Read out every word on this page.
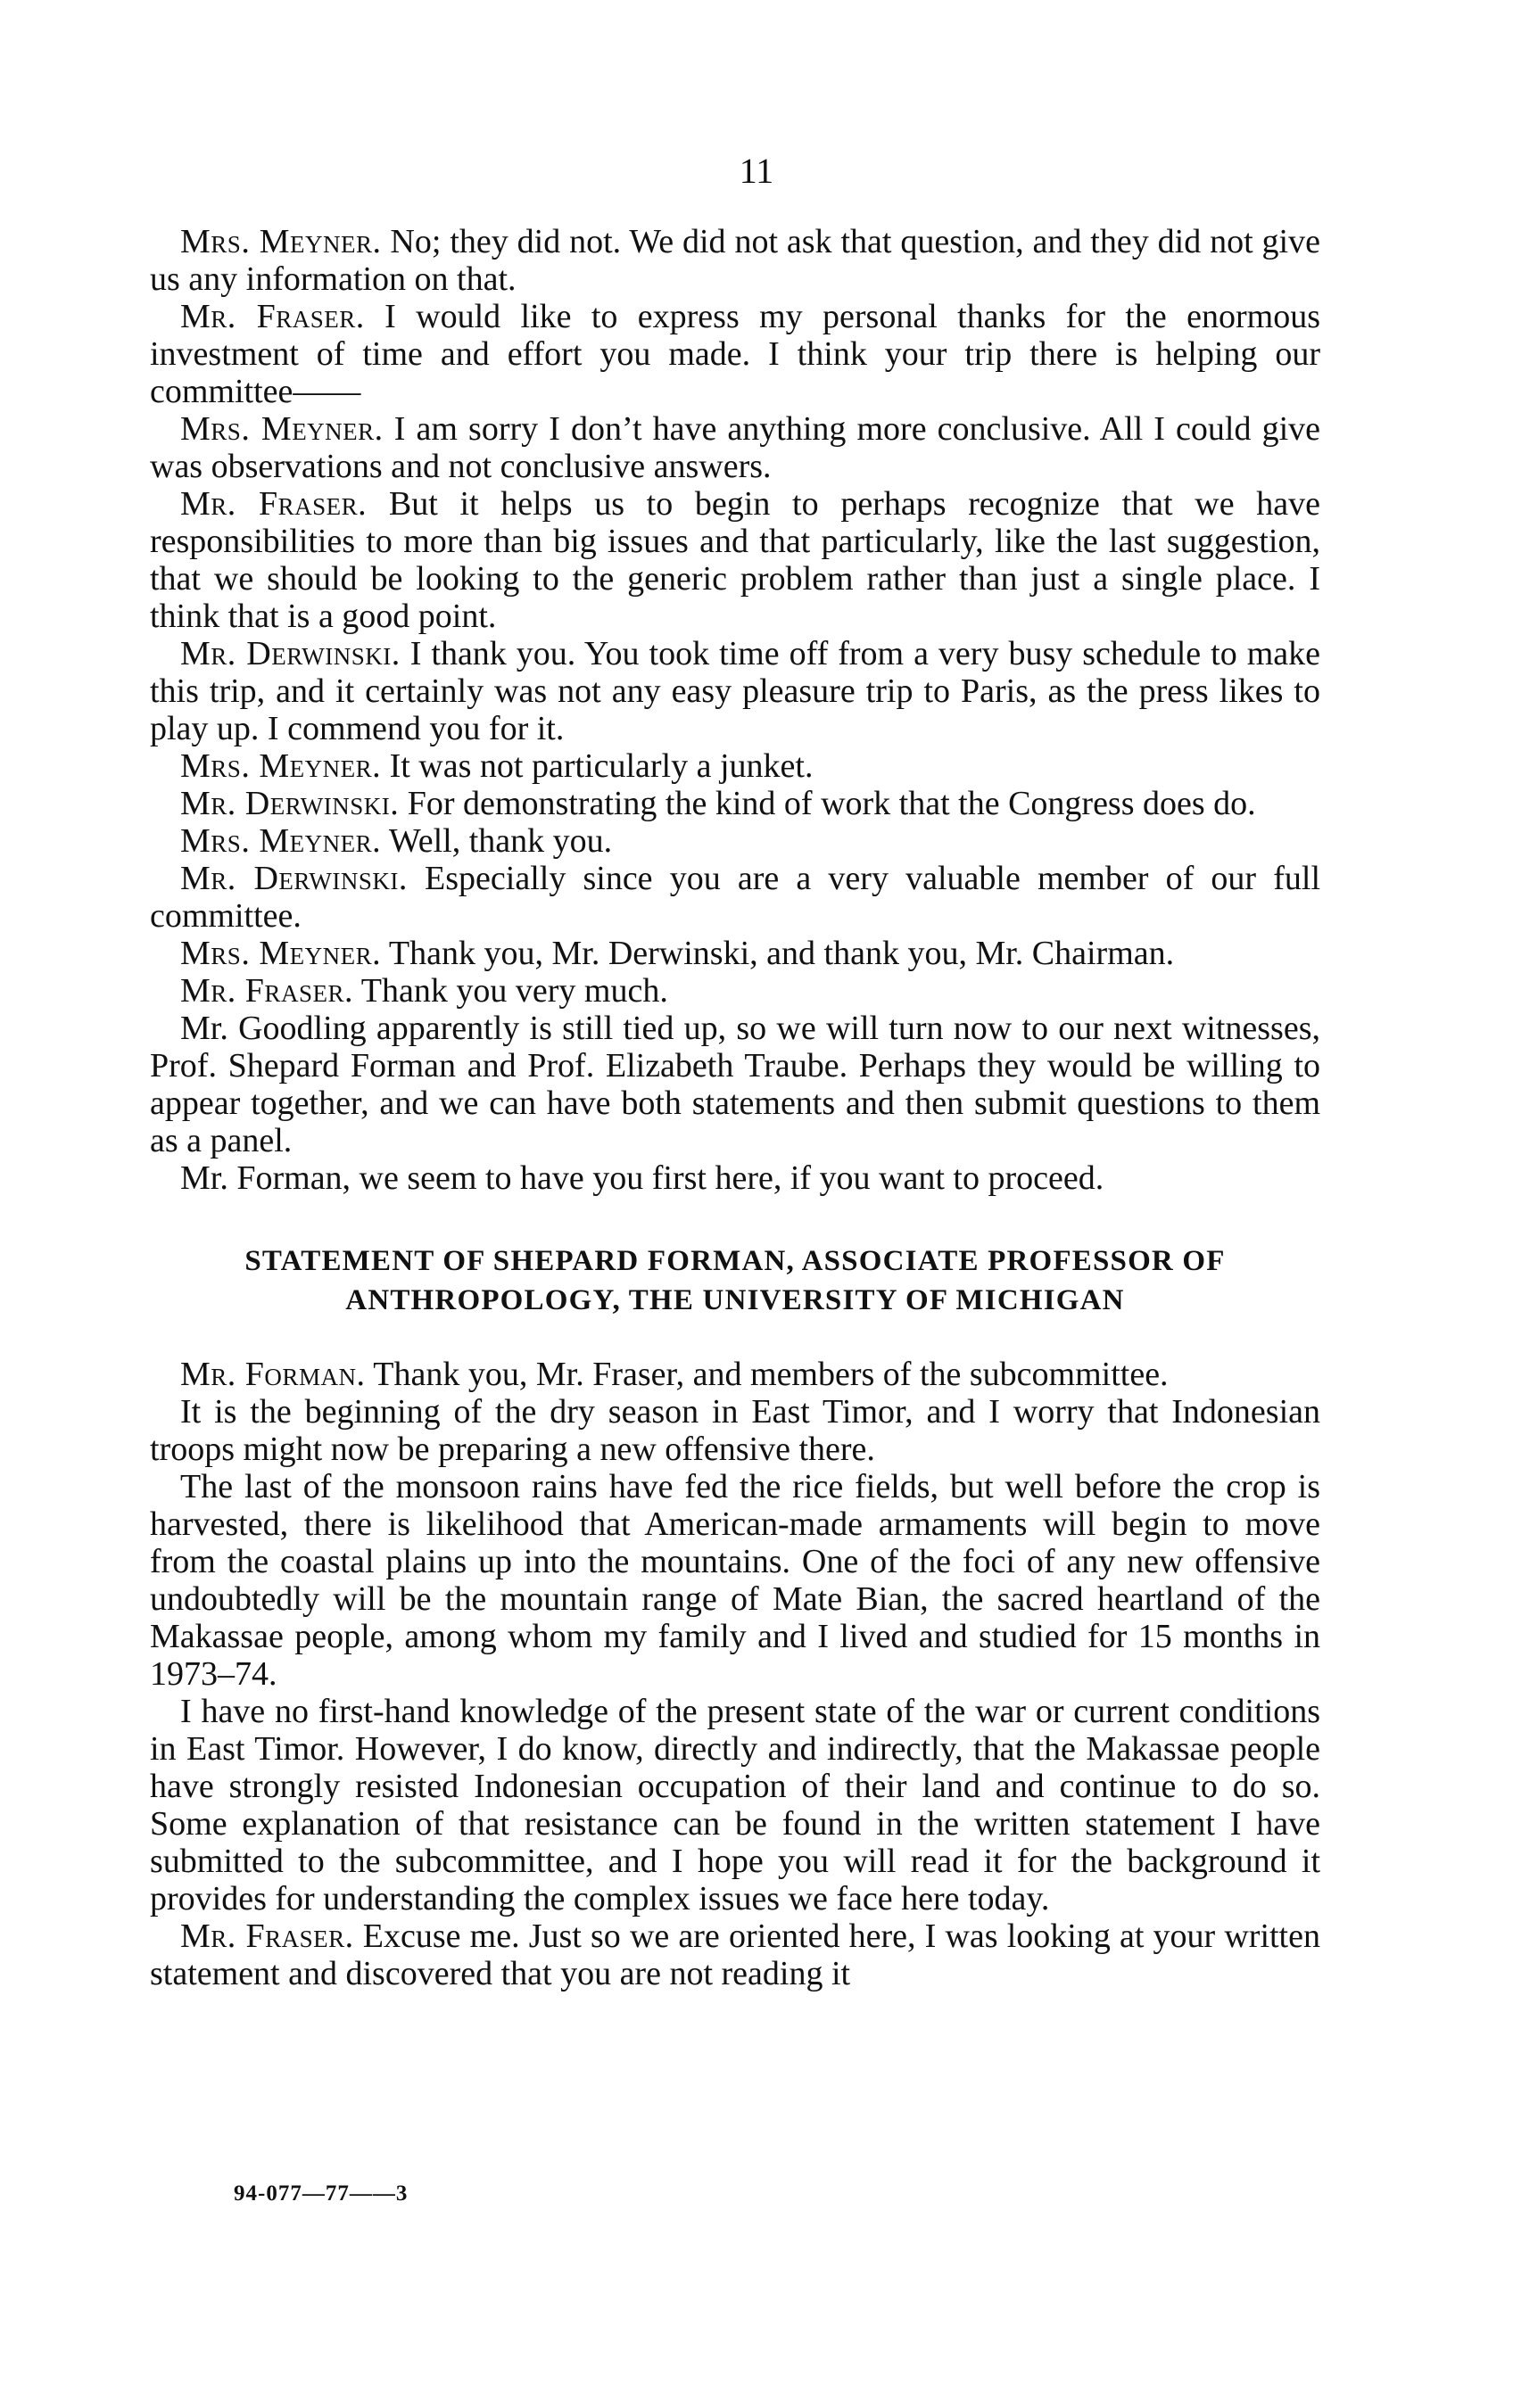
11

Mrs. Meyner. No; they did not. We did not ask that question, and they did not give us any information on that.

Mr. Fraser. I would like to express my personal thanks for the enormous investment of time and effort you made. I think your trip there is helping our committee——

Mrs. Meyner. I am sorry I don’t have anything more conclusive. All I could give was observations and not conclusive answers.

Mr. Fraser. But it helps us to begin to perhaps recognize that we have responsibilities to more than big issues and that particularly, like the last suggestion, that we should be looking to the generic problem rather than just a single place. I think that is a good point.

Mr. Derwinski. I thank you. You took time off from a very busy schedule to make this trip, and it certainly was not any easy pleasure trip to Paris, as the press likes to play up. I commend you for it.

Mrs. Meyner. It was not particularly a junket.

Mr. Derwinski. For demonstrating the kind of work that the Congress does do.

Mrs. Meyner. Well, thank you.

Mr. Derwinski. Especially since you are a very valuable member of our full committee.

Mrs. Meyner. Thank you, Mr. Derwinski, and thank you, Mr. Chairman.

Mr. Fraser. Thank you very much.

Mr. Goodling apparently is still tied up, so we will turn now to our next witnesses, Prof. Shepard Forman and Prof. Elizabeth Traube. Perhaps they would be willing to appear together, and we can have both statements and then submit questions to them as a panel.

Mr. Forman, we seem to have you first here, if you want to proceed.

STATEMENT OF SHEPARD FORMAN, ASSOCIATE PROFESSOR OF
ANTHROPOLOGY, THE UNIVERSITY OF MICHIGAN

Mr. Forman. Thank you, Mr. Fraser, and members of the subcommittee.

It is the beginning of the dry season in East Timor, and I worry that Indonesian troops might now be preparing a new offensive there.

The last of the monsoon rains have fed the rice fields, but well before the crop is harvested, there is likelihood that American-made armaments will begin to move from the coastal plains up into the mountains. One of the foci of any new offensive undoubtedly will be the mountain range of Mate Bian, the sacred heartland of the Makassae people, among whom my family and I lived and studied for 15 months in 1973–74.

I have no first-hand knowledge of the present state of the war or current conditions in East Timor. However, I do know, directly and indirectly, that the Makassae people have strongly resisted Indonesian occupation of their land and continue to do so. Some explanation of that resistance can be found in the written statement I have submitted to the subcommittee, and I hope you will read it for the background it provides for understanding the complex issues we face here today.

Mr. Fraser. Excuse me. Just so we are oriented here, I was looking at your written statement and discovered that you are not reading it

94-077—77——3
